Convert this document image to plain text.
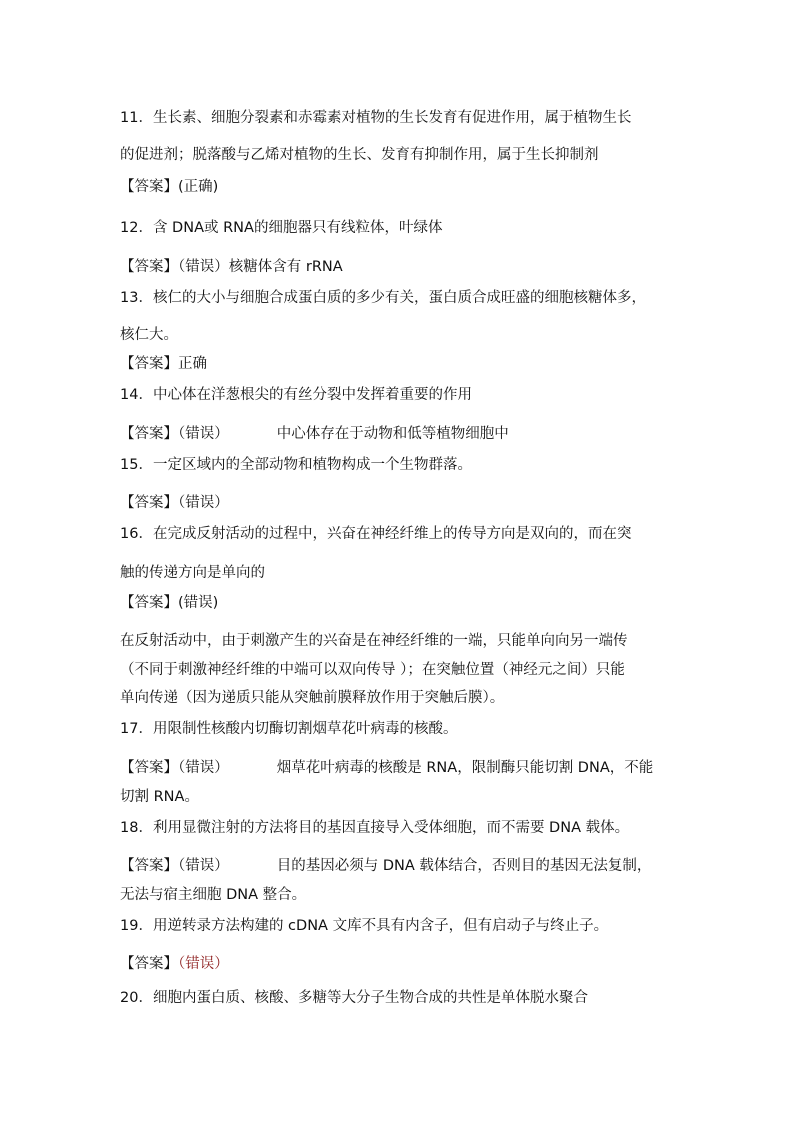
11．生长素、细胞分裂素和赤霉素对植物的生长发育有促进作用，属于植物生长
的促进剂；脱落酸与乙烯对植物的生长、发育有抑制作用，属于生长抑制剂
【答案】(正确)
12．含 DNA或 RNA的细胞器只有线粒体，叶绿体
【答案】（错误）核糖体含有 rRNA
13．核仁的大小与细胞合成蛋白质的多少有关，蛋白质合成旺盛的细胞核糖体多，
核仁大。
【答案】正确
14．中心体在洋葱根尖的有丝分裂中发挥着重要的作用
【答案】（错误）	中心体存在于动物和低等植物细胞中
15．一定区域内的全部动物和植物构成一个生物群落。
【答案】（错误）
16．在完成反射活动的过程中，兴奋在神经纤维上的传导方向是双向的，而在突
触的传递方向是单向的
【答案】(错误)
在反射活动中，由于刺激产生的兴奋是在神经纤维的一端，只能单向向另一端传
（不同于刺激神经纤维的中端可以双向传导 ）；在突触位置（神经元之间）只能
单向传递（因为递质只能从突触前膜释放作用于突触后膜）。
17．用限制性核酸内切酶切割烟草花叶病毒的核酸。
【答案】（错误）	烟草花叶病毒的核酸是 RNA，限制酶只能切割 DNA，不能
切割 RNA。
18．利用显微注射的方法将目的基因直接导入受体细胞，而不需要 DNA 载体。
【答案】（错误）	目的基因必须与 DNA 载体结合，否则目的基因无法复制，
无法与宿主细胞 DNA 整合。
19．用逆转录方法构建的 cDNA 文库不具有内含子，但有启动子与终止子。
【答案】（错误）
20．细胞内蛋白质、核酸、多糖等大分子生物合成的共性是单体脱水聚合
